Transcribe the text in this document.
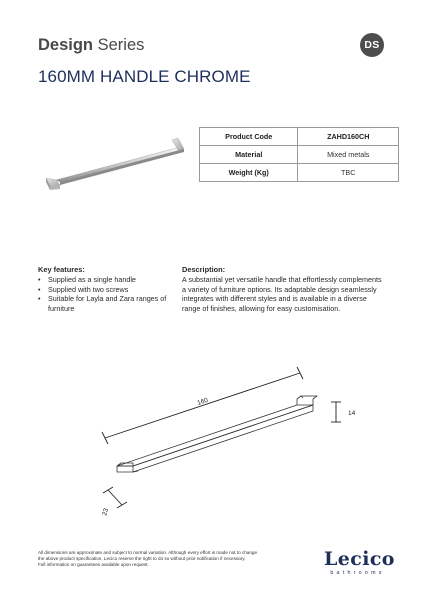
Design Series	DS
160MM HANDLE CHROME
Product Code	ZAHD160CH
Material	Mixed metals
Weight (Kg)	TBC
Key features:
• Supplied as a single handle
• Supplied with two screws
• Suitable for Layla and Zara ranges of furniture
Description:
A substantial yet versatile handle that effortlessly complements a variety of furniture options. Its adaptable design seamlessly integrates with different styles and is available in a diverse range of finishes, allowing for easy customisation.
160
14
23
All dimensions are approximate and subject to normal variation. Although every effort is made not to change
the above product specification, Lecico reserve the right to do so without prior notification if necessary.
Full information on guarantees available upon request.	Lecico
bathrooms
